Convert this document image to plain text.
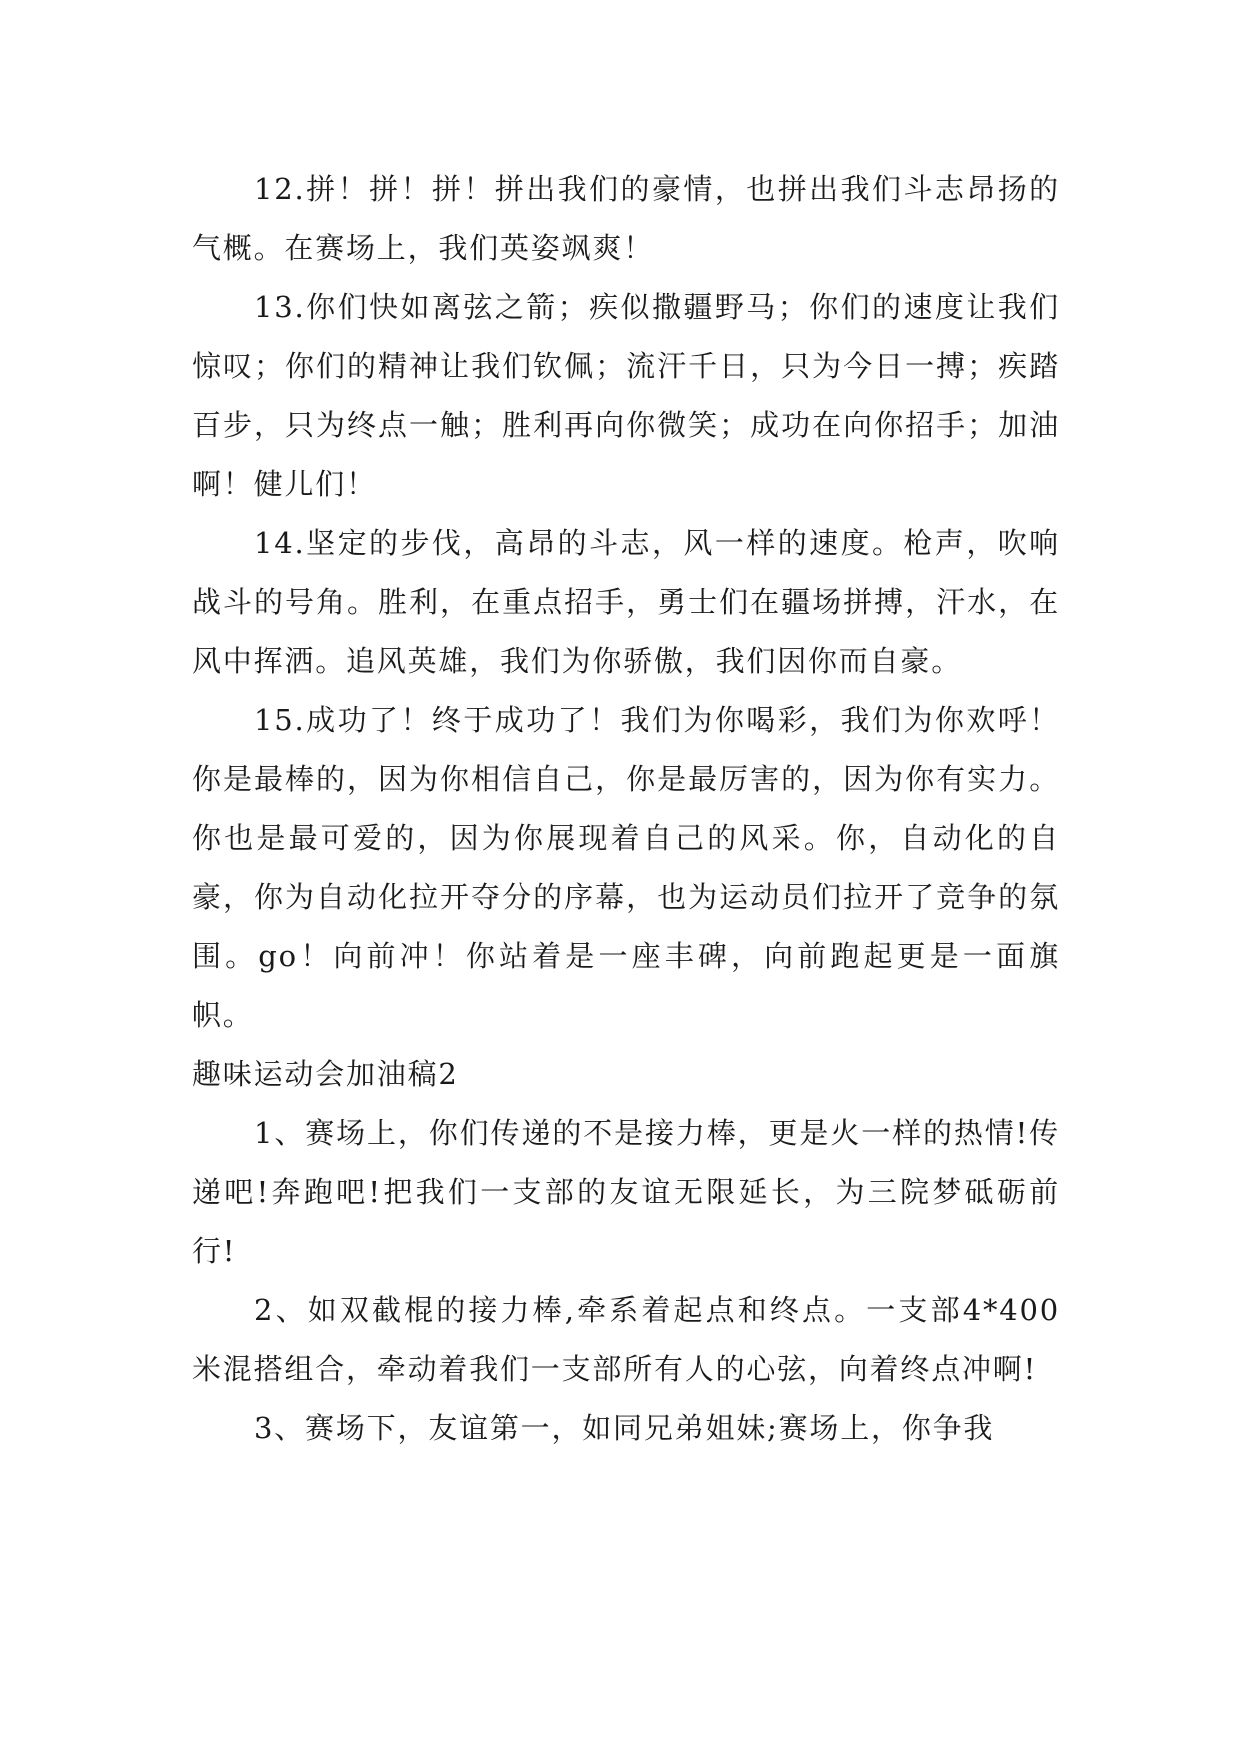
12.拼！拼！拼！拼出我们的豪情，也拼出我们斗志昂扬的气概。在赛场上，我们英姿飒爽！

13.你们快如离弦之箭；疾似撒疆野马；你们的速度让我们惊叹；你们的精神让我们钦佩；流汗千日，只为今日一搏；疾踏百步，只为终点一触；胜利再向你微笑；成功在向你招手；加油啊！健儿们！

14.坚定的步伐，高昂的斗志，风一样的速度。枪声，吹响战斗的号角。胜利，在重点招手，勇士们在疆场拼搏，汗水，在风中挥洒。追风英雄，我们为你骄傲，我们因你而自豪。

15.成功了！终于成功了！我们为你喝彩，我们为你欢呼！你是最棒的，因为你相信自己，你是最厉害的，因为你有实力。你也是最可爱的，因为你展现着自己的风采。你，自动化的自豪，你为自动化拉开夺分的序幕，也为运动员们拉开了竞争的氛围。go！向前冲！你站着是一座丰碑，向前跑起更是一面旗帜。

趣味运动会加油稿2

1、赛场上，你们传递的不是接力棒，更是火一样的热情!传递吧!奔跑吧!把我们一支部的友谊无限延长，为三院梦砥砺前行!

2、如双截棍的接力棒,牵系着起点和终点。一支部4*400米混搭组合，牵动着我们一支部所有人的心弦，向着终点冲啊!

3、赛场下，友谊第一，如同兄弟姐妹;赛场上，你争我
